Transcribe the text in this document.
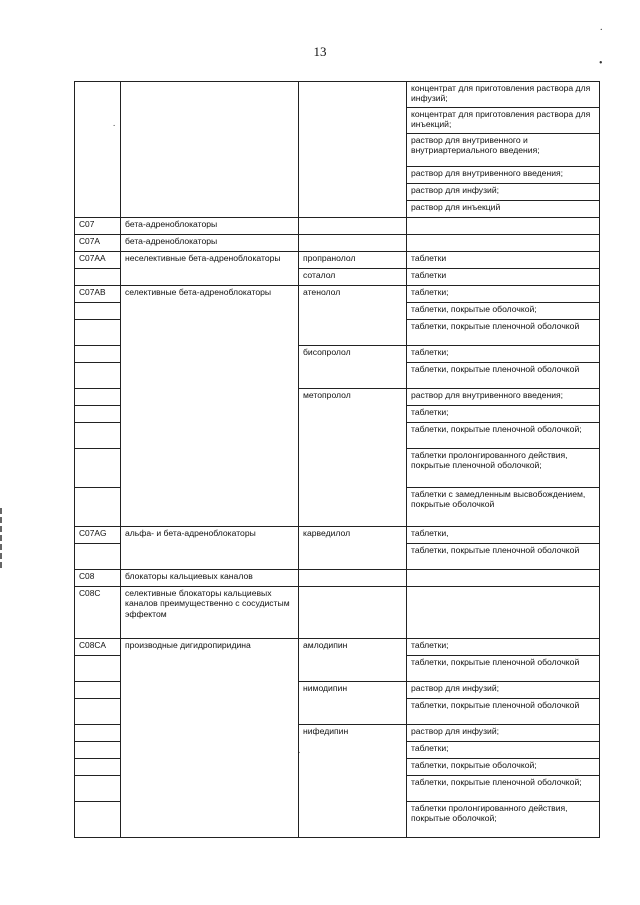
13
.
•
.
.
			концентрат для приготовления раствора для инфузий;
			концентрат для приготовления раствора для инъекций;
			раствор для внутривенного и внутриартериального введения;
			раствор для внутривенного введения;
			раствор для инфузий;
			раствор для инъекций
C07	бета-адреноблокаторы		
C07A	бета-адреноблокаторы		
C07AA	неселективные бета-адреноблокаторы	пропранолол	таблетки
		соталол	таблетки
C07AB	селективные бета-адреноблокаторы	атенолол	таблетки;
			таблетки, покрытые оболочкой;
			таблетки, покрытые пленочной оболочкой
		бисопролол	таблетки;
			таблетки, покрытые пленочной оболочкой
		метопролол	раствор для внутривенного введения;
			таблетки;
			таблетки, покрытые пленочной оболочкой;
			таблетки пролонгированного действия, покрытые пленочной оболочкой;
			таблетки с замедленным высвобождением, покрытые оболочкой
C07AG	альфа- и бета-адреноблокаторы	карведилол	таблетки,
			таблетки, покрытые пленочной оболочкой
C08	блокаторы кальциевых каналов		
C08C	селективные блокаторы кальциевых каналов преимущественно с сосудистым эффектом		
C08CA	производные дигидропиридина	амлодипин	таблетки;
			таблетки, покрытые пленочной оболочкой
		нимодипин	раствор для инфузий;
			таблетки, покрытые пленочной оболочкой
		нифедипин	раствор для инфузий;
			таблетки;
			таблетки, покрытые оболочкой;
			таблетки, покрытые пленочной оболочкой;
			таблетки пролонгированного действия, покрытые оболочкой;
